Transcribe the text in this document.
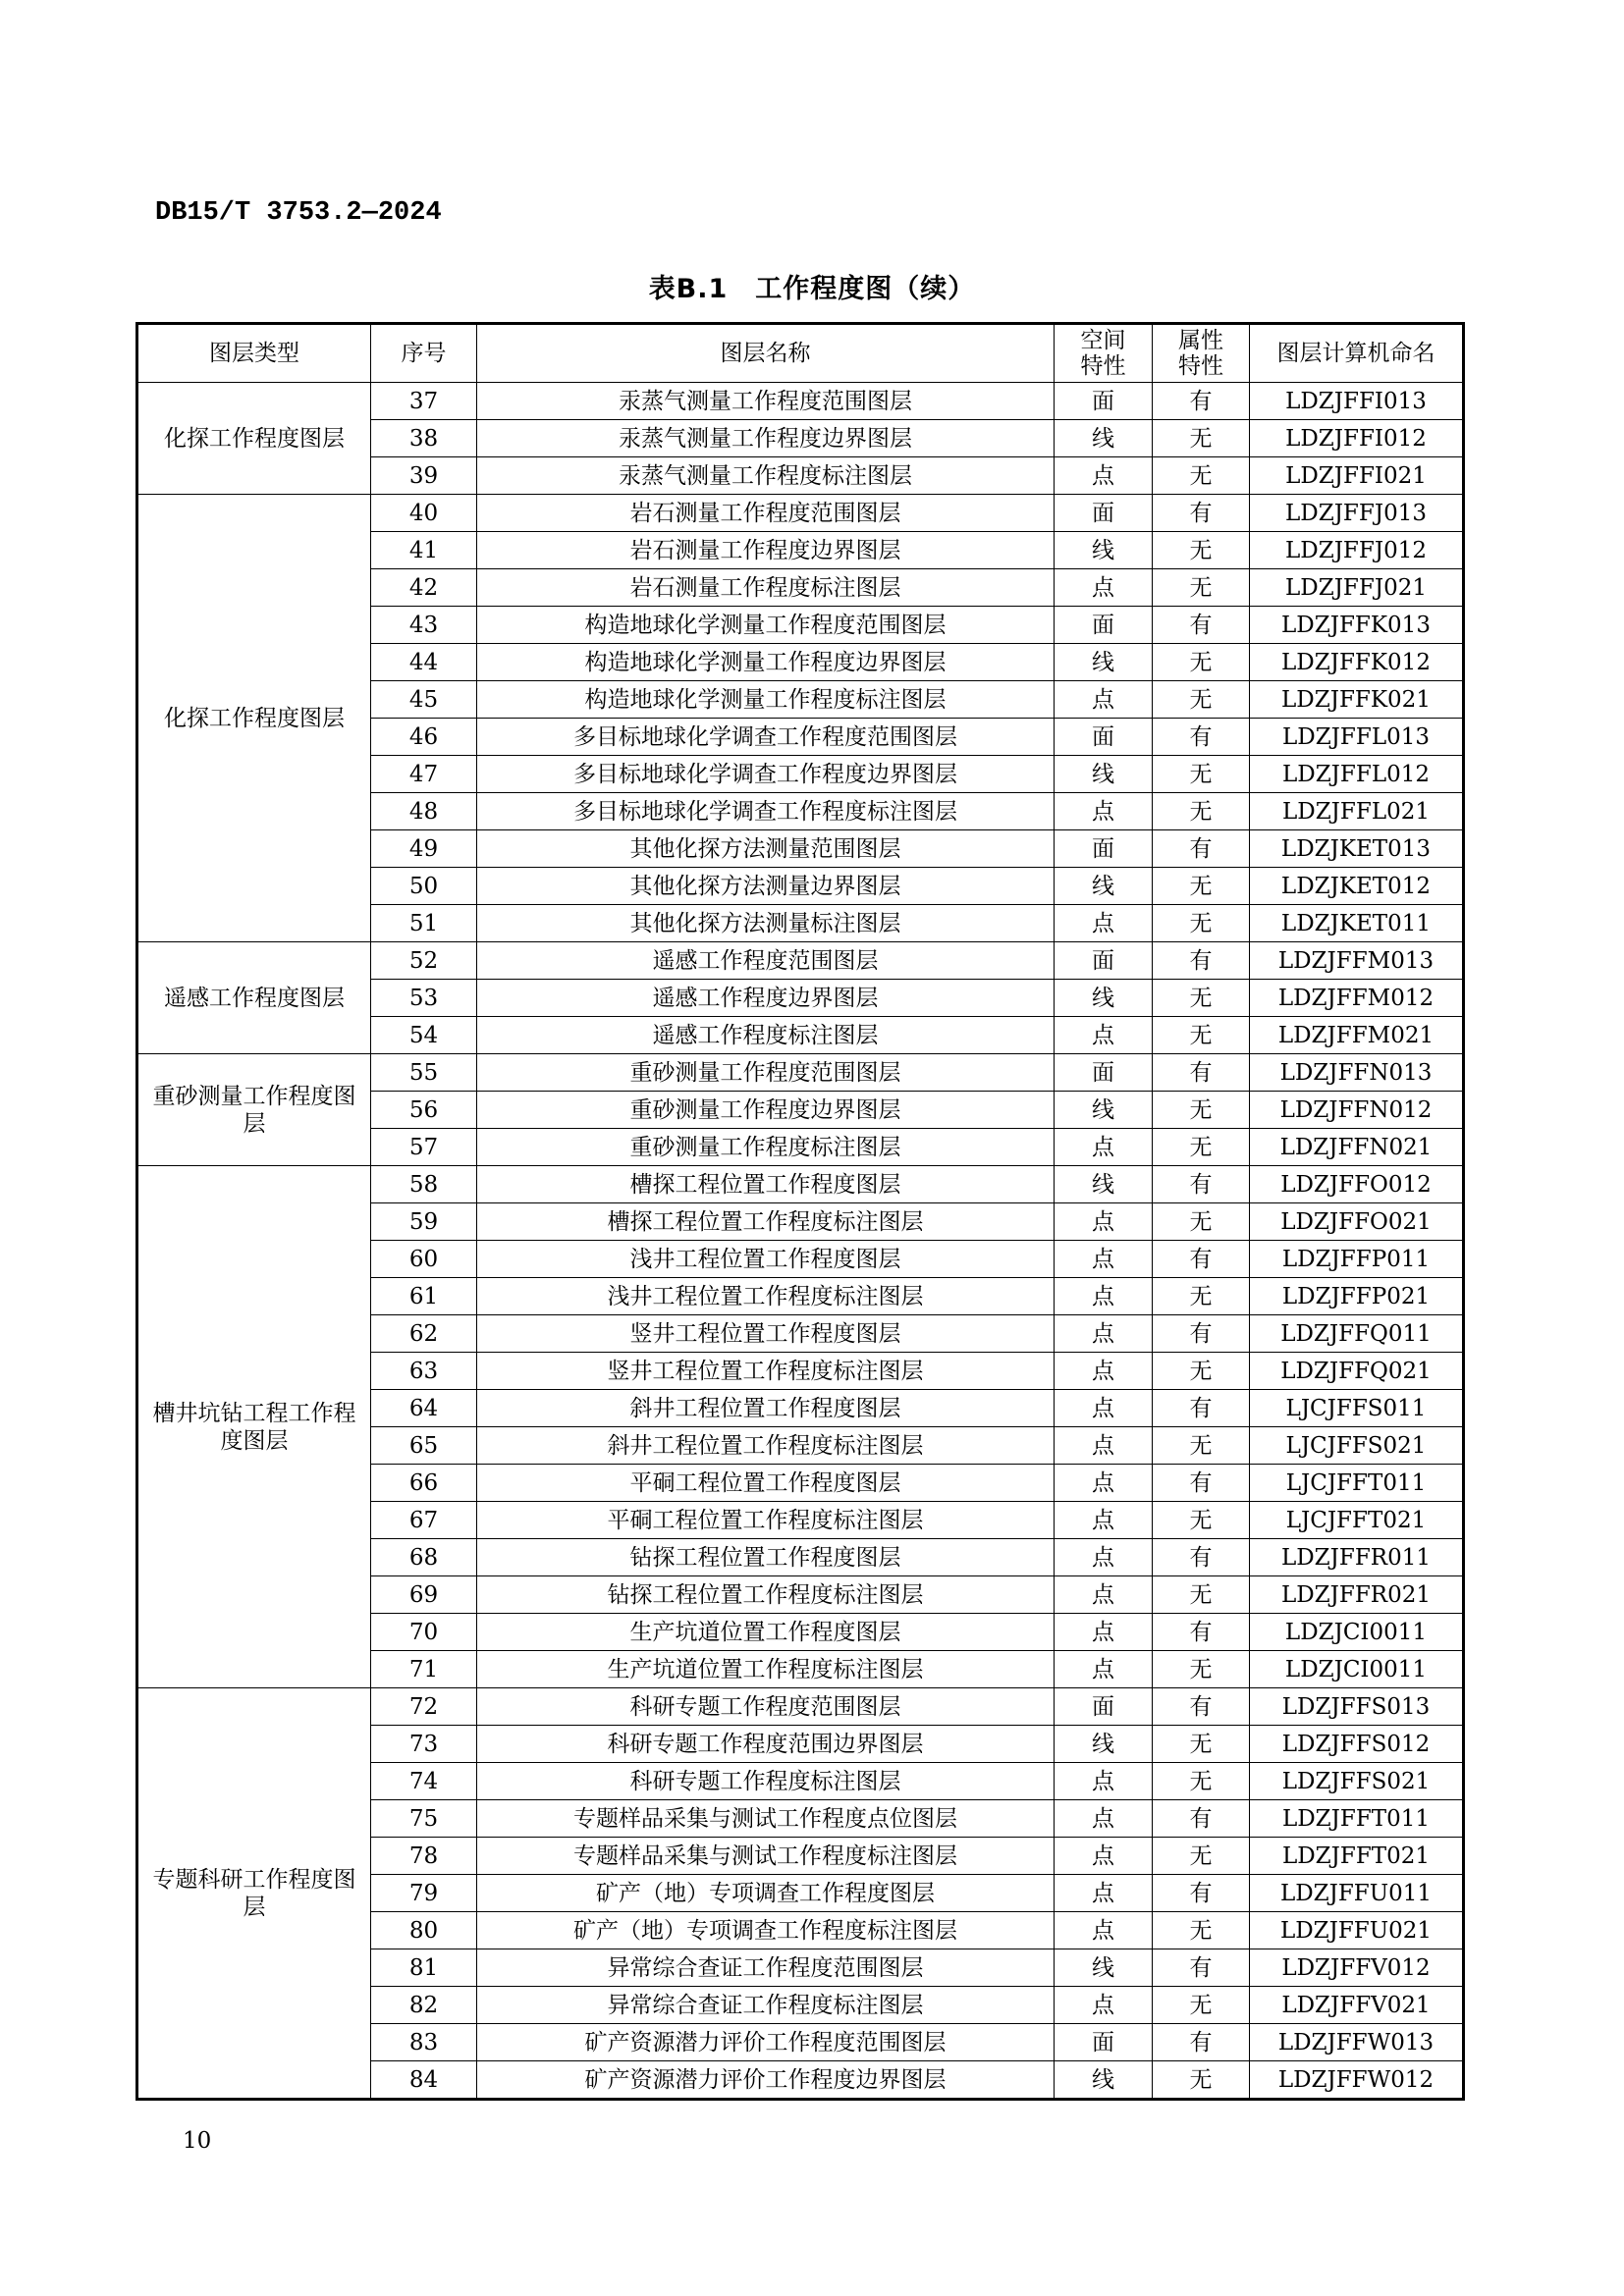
DB15/T 3753.2—2024
表B.1　工作程度图（续）
图层类型	序号	图层名称	空间特性	属性特性	图层计算机命名
化探工作程度图层	37	汞蒸气测量工作程度范围图层	面	有	LDZJFFI013
	38	汞蒸气测量工作程度边界图层	线	无	LDZJFFI012
	39	汞蒸气测量工作程度标注图层	点	无	LDZJFFI021
化探工作程度图层	40	岩石测量工作程度范围图层	面	有	LDZJFFJ013
	41	岩石测量工作程度边界图层	线	无	LDZJFFJ012
	42	岩石测量工作程度标注图层	点	无	LDZJFFJ021
	43	构造地球化学测量工作程度范围图层	面	有	LDZJFFK013
	44	构造地球化学测量工作程度边界图层	线	无	LDZJFFK012
	45	构造地球化学测量工作程度标注图层	点	无	LDZJFFK021
	46	多目标地球化学调查工作程度范围图层	面	有	LDZJFFL013
	47	多目标地球化学调查工作程度边界图层	线	无	LDZJFFL012
	48	多目标地球化学调查工作程度标注图层	点	无	LDZJFFL021
	49	其他化探方法测量范围图层	面	有	LDZJKET013
	50	其他化探方法测量边界图层	线	无	LDZJKET012
	51	其他化探方法测量标注图层	点	无	LDZJKET011
遥感工作程度图层	52	遥感工作程度范围图层	面	有	LDZJFFM013
	53	遥感工作程度边界图层	线	无	LDZJFFM012
	54	遥感工作程度标注图层	点	无	LDZJFFM021
重砂测量工作程度图层	55	重砂测量工作程度范围图层	面	有	LDZJFFN013
	56	重砂测量工作程度边界图层	线	无	LDZJFFN012
	57	重砂测量工作程度标注图层	点	无	LDZJFFN021
槽井坑钻工程工作程度图层	58	槽探工程位置工作程度图层	线	有	LDZJFFO012
	59	槽探工程位置工作程度标注图层	点	无	LDZJFFO021
	60	浅井工程位置工作程度图层	点	有	LDZJFFP011
	61	浅井工程位置工作程度标注图层	点	无	LDZJFFP021
	62	竖井工程位置工作程度图层	点	有	LDZJFFQ011
	63	竖井工程位置工作程度标注图层	点	无	LDZJFFQ021
	64	斜井工程位置工作程度图层	点	有	LJCJFFS011
	65	斜井工程位置工作程度标注图层	点	无	LJCJFFS021
	66	平硐工程位置工作程度图层	点	有	LJCJFFT011
	67	平硐工程位置工作程度标注图层	点	无	LJCJFFT021
	68	钻探工程位置工作程度图层	点	有	LDZJFFR011
	69	钻探工程位置工作程度标注图层	点	无	LDZJFFR021
	70	生产坑道位置工作程度图层	点	有	LDZJCI0011
	71	生产坑道位置工作程度标注图层	点	无	LDZJCI0011
专题科研工作程度图层	72	科研专题工作程度范围图层	面	有	LDZJFFS013
	73	科研专题工作程度范围边界图层	线	无	LDZJFFS012
	74	科研专题工作程度标注图层	点	无	LDZJFFS021
	75	专题样品采集与测试工作程度点位图层	点	有	LDZJFFT011
	78	专题样品采集与测试工作程度标注图层	点	无	LDZJFFT021
	79	矿产（地）专项调查工作程度图层	点	有	LDZJFFU011
	80	矿产（地）专项调查工作程度标注图层	点	无	LDZJFFU021
	81	异常综合查证工作程度范围图层	线	有	LDZJFFV012
	82	异常综合查证工作程度标注图层	点	无	LDZJFFV021
	83	矿产资源潜力评价工作程度范围图层	面	有	LDZJFFW013
	84	矿产资源潜力评价工作程度边界图层	线	无	LDZJFFW012
10
